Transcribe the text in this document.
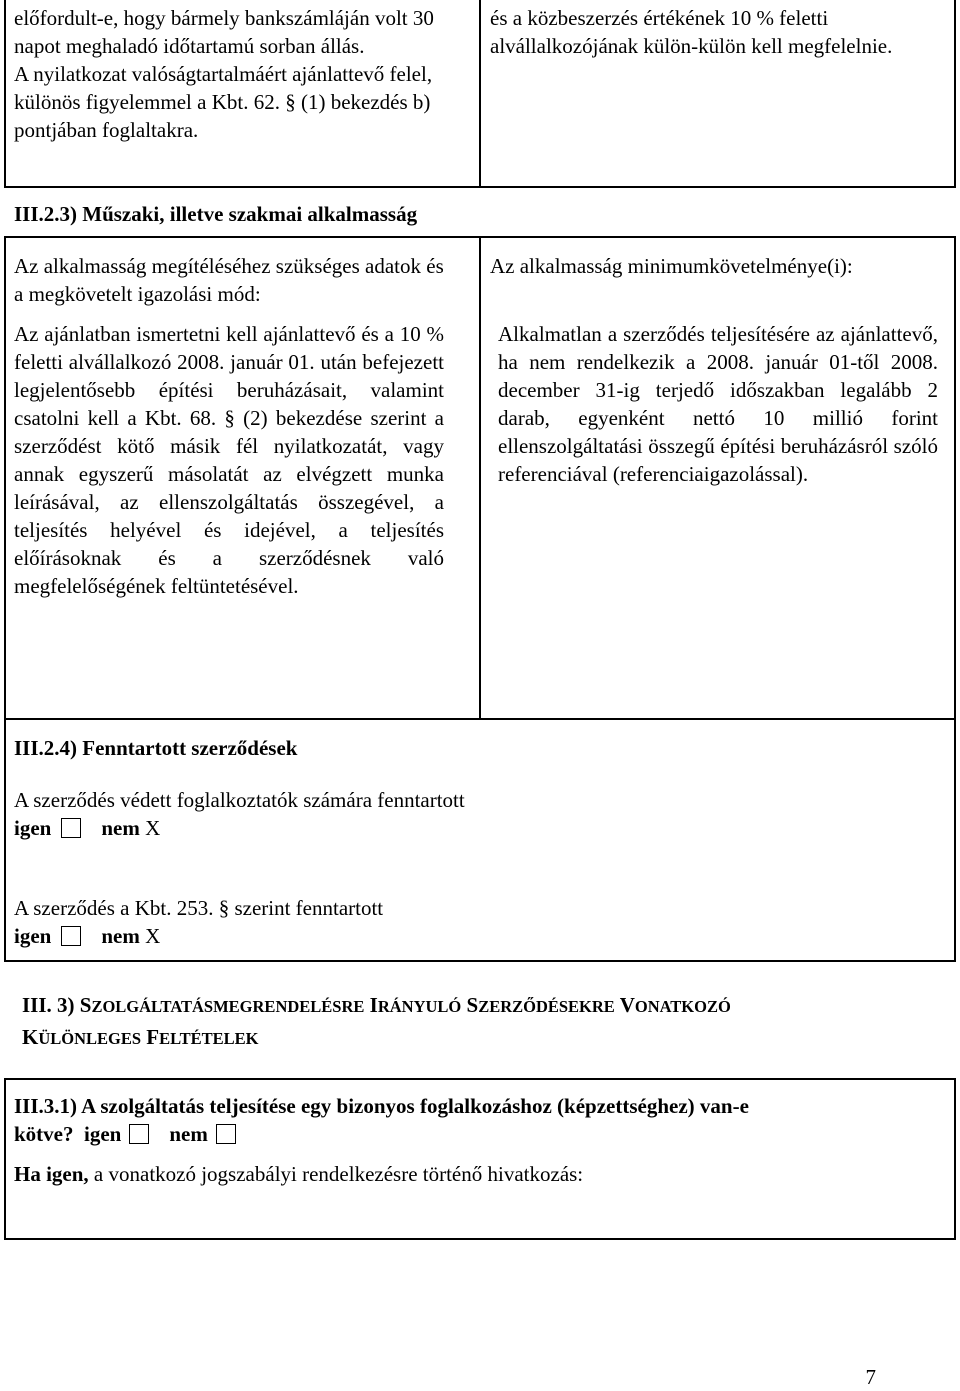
előfordult-e, hogy bármely bankszámláján volt 30 napot meghaladó időtartamú sorban állás.

A nyilatkozat valóságtartalmáért ajánlattevő felel, különös figyelemmel a Kbt. 62. § (1) bekezdés b) pontjában foglaltakra.

és a közbeszerzés értékének 10 % feletti alvállalkozójának külön-külön kell megfelelnie.

III.2.3) Műszaki, illetve szakmai alkalmasság

Az alkalmasság megítéléséhez szükséges adatok és a megkövetelt igazolási mód:

Az ajánlatban ismertetni kell ajánlattevő és a 10 % feletti alvállalkozó 2008. január 01. után befejezett legjelentősebb építési beruházásait, valamint csatolni kell a Kbt. 68. § (2) bekezdése szerint a szerződést kötő másik fél nyilatkozatát, vagy annak egyszerű másolatát az elvégzett munka leírásával, az ellenszolgáltatás összegével, a teljesítés helyével és idejével, a teljesítés előírásoknak és a szerződésnek való megfelelőségének feltüntetésével.

Az alkalmasság minimumkövetelménye(i):

Alkalmatlan a szerződés teljesítésére az ajánlattevő, ha nem rendelkezik a 2008. január 01-től 2008. december 31-ig terjedő időszakban legalább 2 darab, egyenként nettó 10 millió forint ellenszolgáltatási összegű építési beruházásról szóló referenciával (referenciaigazolással).

III.2.4) Fenntartott szerződések

A szerződés védett foglalkoztatók számára fenntartott

igen nem X

A szerződés a Kbt. 253. § szerint fenntartott

igen nem X

III. 3) SZOLGÁLTATÁSMEGRENDELÉSRE IRÁNYULÓ SZERZŐDÉSEKRE VONATKOZÓ
KÜLÖNLEGES FELTÉTELEK

III.3.1) A szolgáltatás teljesítése egy bizonyos foglalkozáshoz (képzettséghez) van-e

kötve? igen nem

Ha igen, a vonatkozó jogszabályi rendelkezésre történő hivatkozás:

7
